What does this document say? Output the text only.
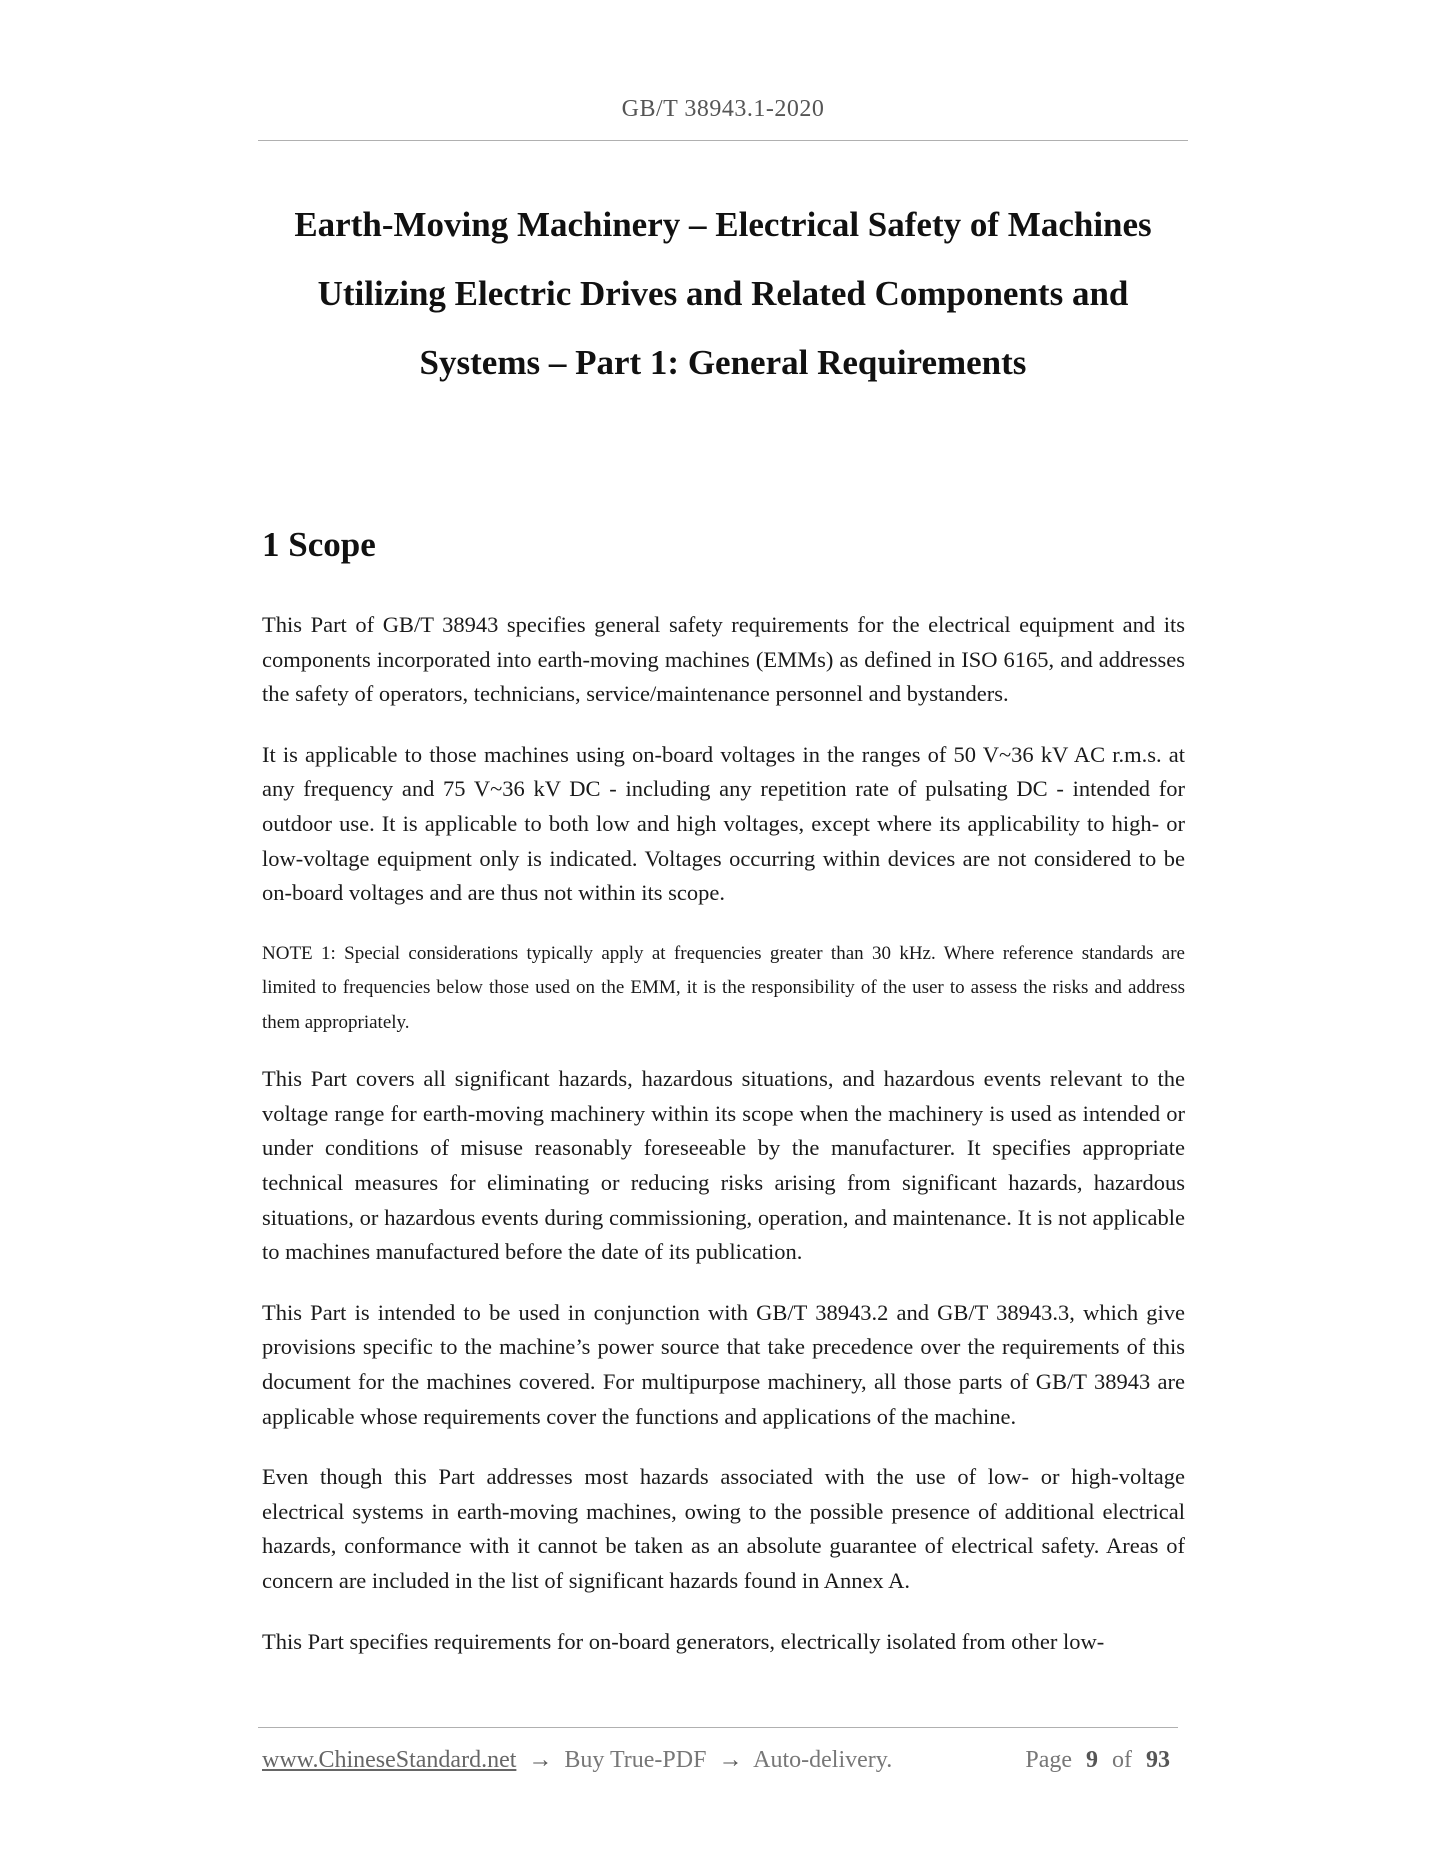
GB/T 38943.1-2020
Earth-Moving Machinery – Electrical Safety of Machines
Utilizing Electric Drives and Related Components and
Systems – Part 1: General Requirements
1 Scope

This Part of GB/T 38943 specifies general safety requirements for the electrical equipment and its components incorporated into earth-moving machines (EMMs) as defined in ISO 6165, and addresses the safety of operators, technicians, service/maintenance personnel and bystanders.

It is applicable to those machines using on-board voltages in the ranges of 50 V~36 kV AC r.m.s. at any frequency and 75 V~36 kV DC - including any repetition rate of pulsating DC - intended for outdoor use. It is applicable to both low and high voltages, except where its applicability to high- or low-voltage equipment only is indicated. Voltages occurring within devices are not considered to be on-board voltages and are thus not within its scope.

NOTE 1: Special considerations typically apply at frequencies greater than 30 kHz. Where reference standards are limited to frequencies below those used on the EMM, it is the responsibility of the user to assess the risks and address them appropriately.

This Part covers all significant hazards, hazardous situations, and hazardous events relevant to the voltage range for earth-moving machinery within its scope when the machinery is used as intended or under conditions of misuse reasonably foreseeable by the manufacturer. It specifies appropriate technical measures for eliminating or reducing risks arising from significant hazards, hazardous situations, or hazardous events during commissioning, operation, and maintenance. It is not applicable to machines manufactured before the date of its publication.

This Part is intended to be used in conjunction with GB/T 38943.2 and GB/T 38943.3, which give provisions specific to the machine’s power source that take precedence over the requirements of this document for the machines covered. For multipurpose machinery, all those parts of GB/T 38943 are applicable whose requirements cover the functions and applications of the machine.

Even though this Part addresses most hazards associated with the use of low- or high-voltage electrical systems in earth-moving machines, owing to the possible presence of additional electrical hazards, conformance with it cannot be taken as an absolute guarantee of electrical safety. Areas of concern are included in the list of significant hazards found in Annex A.

This Part specifies requirements for on-board generators, electrically isolated from other low-

www.ChineseStandard.net → Buy True-PDF → Auto-delivery.	Page 9 of 93
